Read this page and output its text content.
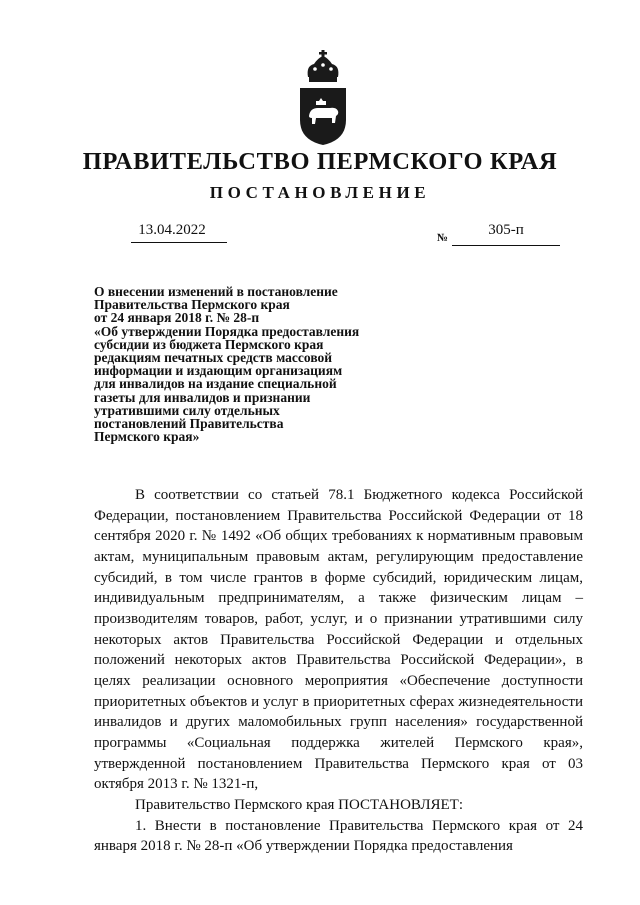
ПРАВИТЕЛЬСТВО ПЕРМСКОГО КРАЯ
ПОСТАНОВЛЕНИЕ
13.04.2022	№	305-п
О внесении изменений в постановление
Правительства Пермского края
от 24 января 2018 г. № 28-п
«Об утверждении Порядка предоставления
субсидии из бюджета Пермского края
редакциям печатных средств массовой
информации и издающим организациям
для инвалидов на издание специальной
газеты для инвалидов и признании
утратившими силу отдельных
постановлений Правительства
Пермского края»

В соответствии со статьей 78.1 Бюджетного кодекса Российской Федерации, постановлением Правительства Российской Федерации от 18 сентября 2020 г. № 1492 «Об общих требованиях к нормативным правовым актам, муниципальным правовым актам, регулирующим предоставление субсидий, в том числе грантов в форме субсидий, юридическим лицам, индивидуальным предпринимателям, а также физическим лицам – производителям товаров, работ, услуг, и о признании утратившими силу некоторых актов Правительства Российской Федерации и отдельных положений некоторых актов Правительства Российской Федерации», в целях реализации основного мероприятия «Обеспечение доступности приоритетных объектов и услуг в приоритетных сферах жизнедеятельности инвалидов и других маломобильных групп населения» государственной программы «Социальная поддержка жителей Пермского края», утвержденной постановлением Правительства Пермского края от 03 октября 2013 г. № 1321-п,

Правительство Пермского края ПОСТАНОВЛЯЕТ:

1. Внести в постановление Правительства Пермского края от 24 января 2018 г. № 28-п «Об утверждении Порядка предоставления
